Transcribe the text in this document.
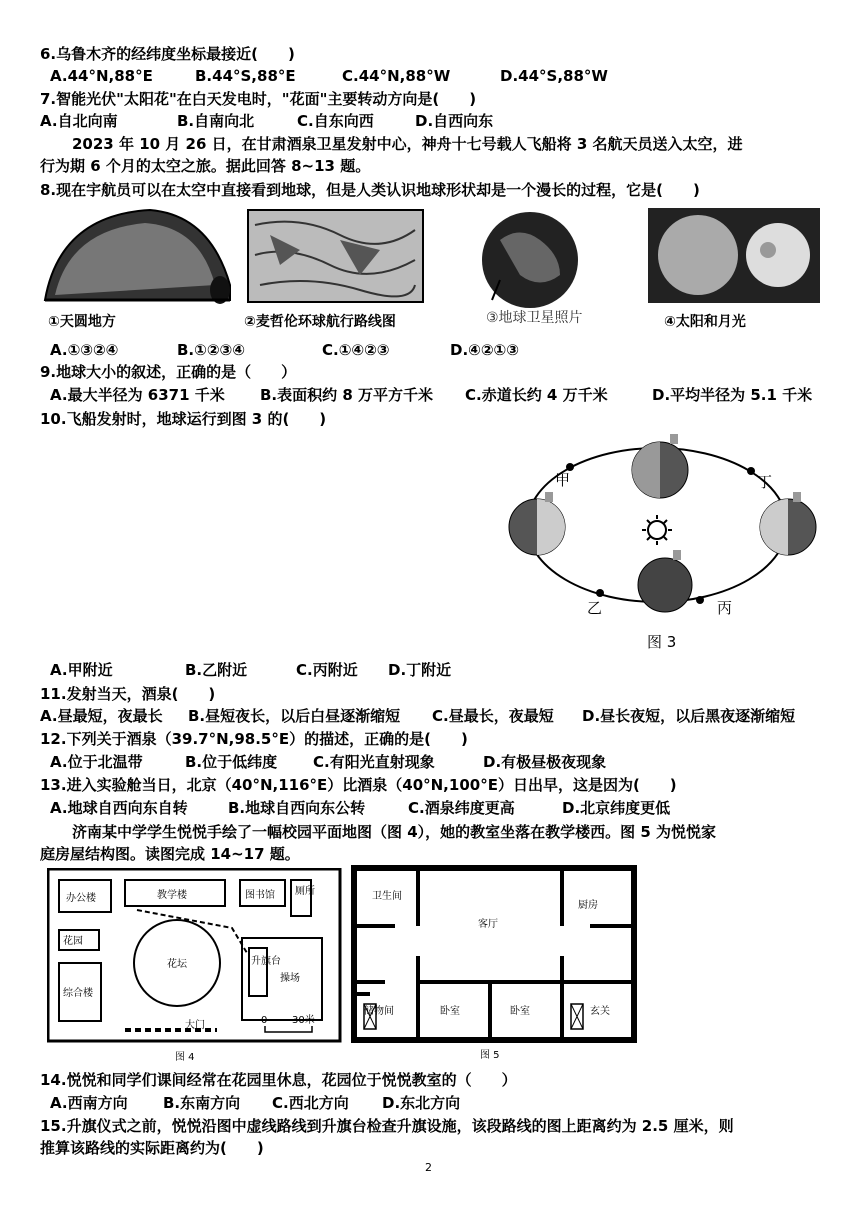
6.乌鲁木齐的经纬度坐标最接近(　　)
A.44°N,88°E	B.44°S,88°E	C.44°N,88°W	D.44°S,88°W
7.智能光伏"太阳花"在白天发电时，"花面"主要转动方向是(　　)
A.自北向南	B.自南向北	C.自东向西	D.自西向东
2023 年 10 月 26 日，在甘肃酒泉卫星发射中心，神舟十七号载人飞船将 3 名航天员送入太空，进
行为期 6 个月的太空之旅。据此回答 8~13 题。
8.现在宇航员可以在太空中直接看到地球，但是人类认识地球形状却是一个漫长的过程，它是(　　)
①天圆地方	②麦哲伦环球航行路线图	③地球卫星照片	④太阳和月光
A.①③②④	B.①②③④	C.①④②③	D.④②①③
9.地球大小的叙述，正确的是（　　）
A.最大半径为 6371 千米 B.表面积约 8 万平方千米 C.赤道长约 4 万千米	D.平均半径为 5.1 千米
10.飞船发射时，地球运行到图 3 的(　　)
甲	丁
乙	丙
图 3
A.甲附近	B.乙附近	C.丙附近 D.丁附近
11.发射当天，酒泉(　　)
A.昼最短，夜最长 B.昼短夜长，以后白昼逐渐缩短 C.昼最长，夜最短 D.昼长夜短，以后黑夜逐渐缩短
12.下列关于酒泉（39.7°N,98.5°E）的描述，正确的是(　　)
A.位于北温带	B.位于低纬度 C.有阳光直射现象	D.有极昼极夜现象
13.进入实验舱当日，北京（40°N,116°E）比酒泉（40°N,100°E）日出早，这是因为(　　)
A.地球自西向东自转	B.地球自西向东公转	C.酒泉纬度更高	D.北京纬度更低
济南某中学学生悦悦手绘了一幅校园平面地图（图 4），她的教室坐落在教学楼西。图 5 为悦悦家
庭房屋结构图。读图完成 14~17 题。
办公楼	教学楼	图书馆 厕所
花园
综合楼
花坛	升旗台
操场
大门	0 30米
图 4
卫生间
客厅
厨房
储物间	卧室	卧室	玄关
图 5
14.悦悦和同学们课间经常在花园里休息，花园位于悦悦教室的（　　）
A.西南方向 B.东南方向 C.西北方向 D.东北方向
15.升旗仪式之前，悦悦沿图中虚线路线到升旗台检查升旗设施，该段路线的图上距离约为 2.5 厘米，则
推算该路线的实际距离约为(　　)
2
